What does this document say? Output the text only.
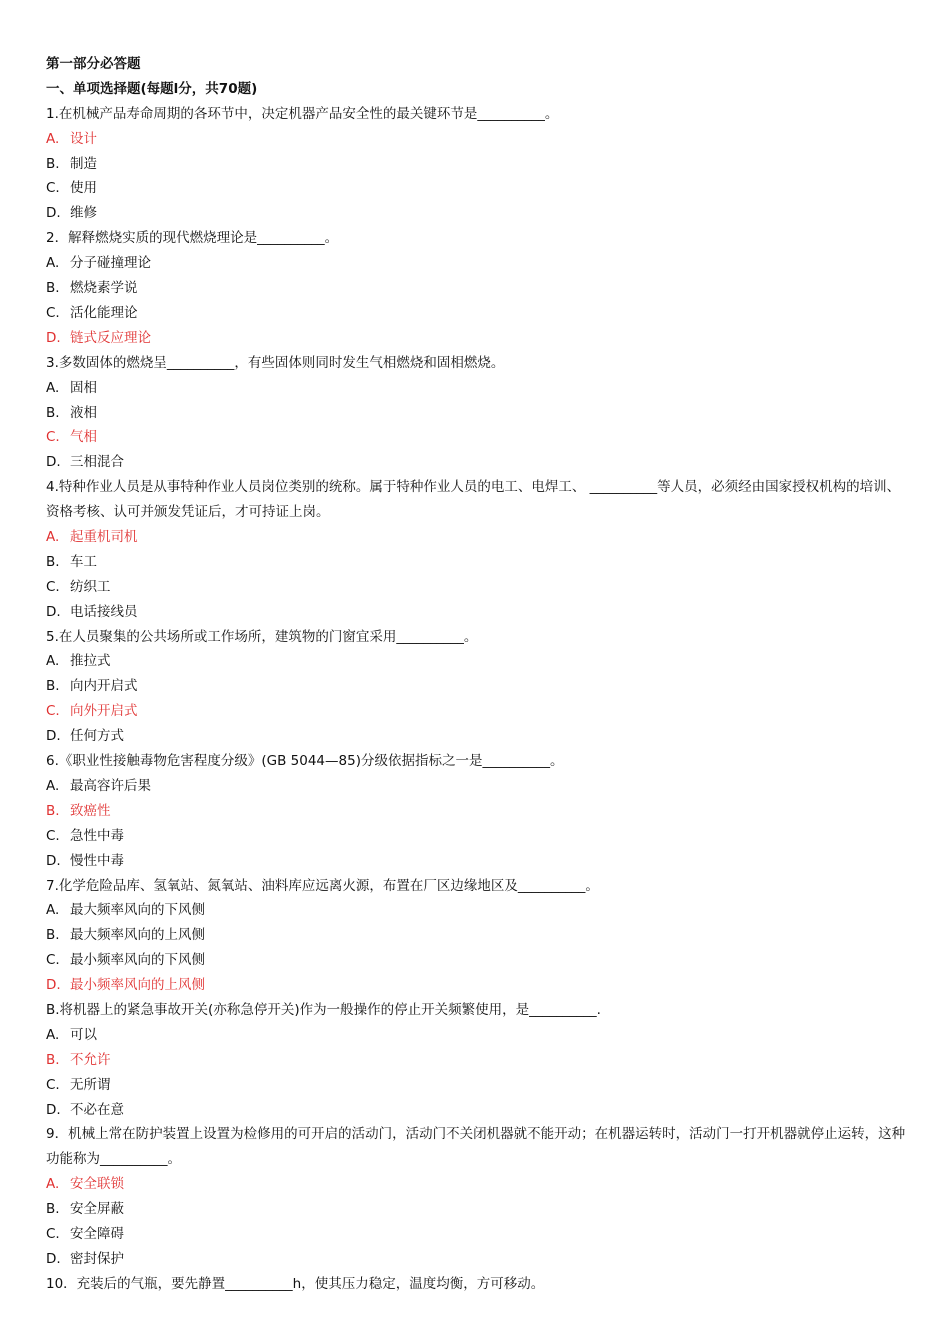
第一部分必答题
一、单项选择题(每题l分，共70题)
1.在机械产品寿命周期的各环节中，决定机器产品安全性的最关键环节是__________。
A. 设计
B. 制造
C. 使用
D. 维修
2．解释燃烧实质的现代燃烧理论是__________。
A. 分子碰撞理论
B. 燃烧素学说
C. 活化能理论
D. 链式反应理论
3.多数固体的燃烧呈__________，有些固体则同时发生气相燃烧和固相燃烧。
A. 固相
B. 液相
C. 气相
D. 三相混合
4.特种作业人员是从事特种作业人员岗位类别的统称。属于特种作业人员的电工、电焊工、 __________等人员，必须经由国家授权机构的培训、资格考核、认可并颁发凭证后，才可持证上岗。
A. 起重机司机
B. 车工
C. 纺织工
D. 电话接线员
5.在人员聚集的公共场所或工作场所，建筑物的门窗宜采用__________。
A. 推拉式
B. 向内开启式
C. 向外开启式
D. 任何方式
6.《职业性接触毒物危害程度分级》(GB 5044—85)分级依据指标之一是__________。
A. 最高容许后果
B. 致癌性
C. 急性中毒
D. 慢性中毒
7.化学危险品库、氢氧站、氮氧站、油料库应远离火源，布置在厂区边缘地区及__________。
A. 最大频率风向的下风侧
B. 最大频率风向的上风侧
C. 最小频率风向的下风侧
D. 最小频率风向的上风侧
B.将机器上的紧急事故开关(亦称急停开关)作为一般操作的停止开关频繁使用，是__________.
A. 可以
B. 不允许
C. 无所谓
D. 不必在意
9．机械上常在防护装置上设置为检修用的可开启的活动门，活动门不关闭机器就不能开动；在机器运转时，活动门一打开机器就停止运转，这种功能称为__________。
A. 安全联锁
B. 安全屏蔽
C. 安全障碍
D. 密封保护
10．充装后的气瓶，要先静置__________h，使其压力稳定，温度均衡，方可移动。
